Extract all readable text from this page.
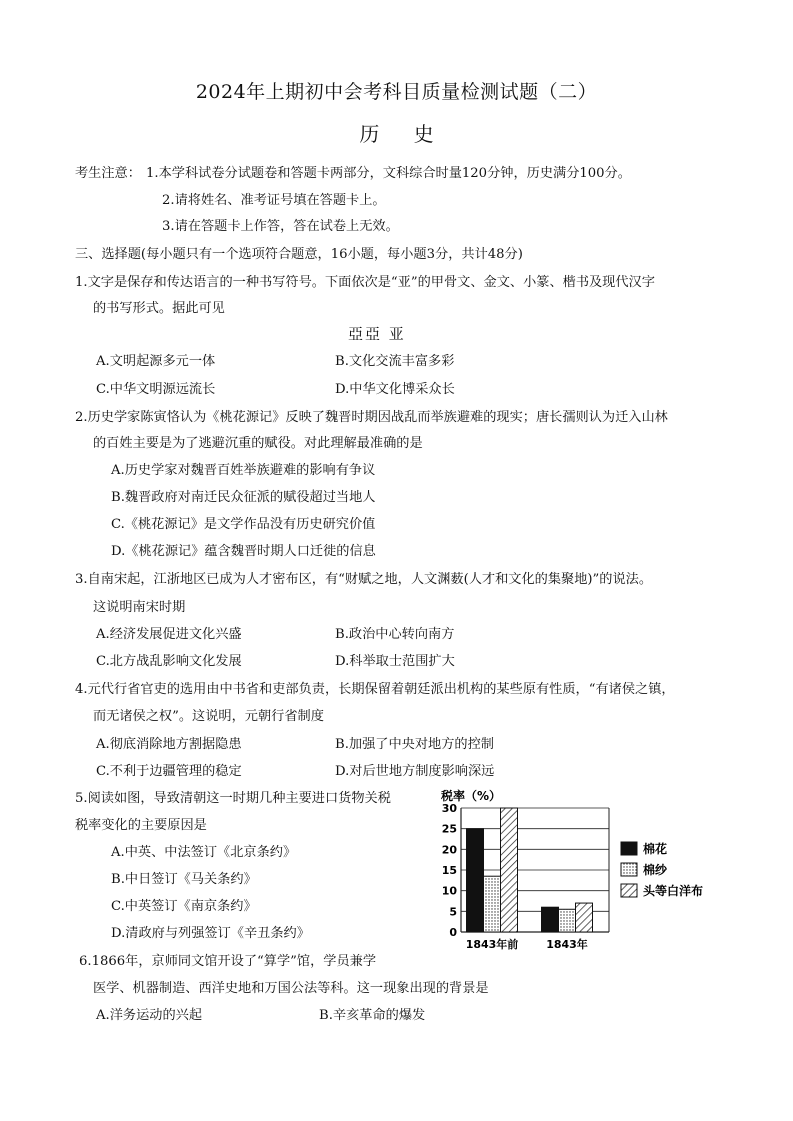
2024年上期初中会考科目质量检测试题（二）
历 史
考生注意： 1.本学科试卷分试题卷和答题卡两部分，文科综合时量120分钟，历史满分100分。
2.请将姓名、准考证号填在答题卡上。
3.请在答题卡上作答，答在试卷上无效。
三、选择题(每小题只有一个选项符合题意，16小题，每小题3分，共计48分)
1.文字是保存和传达语言的一种书写符号。下面依次是“亚”的甲骨文、金文、小篆、楷书及现代汉字
的书写形式。据此可见
亞亞 亚
A.文明起源多元一体	B.文化交流丰富多彩
C.中华文明源远流长	D.中华文化博采众长
2.历史学家陈寅恪认为《桃花源记》反映了魏晋时期因战乱而举族避难的现实；唐长孺则认为迁入山林
的百姓主要是为了逃避沉重的赋役。对此理解最准确的是
A.历史学家对魏晋百姓举族避难的影响有争议
B.魏晋政府对南迁民众征派的赋役超过当地人
C.《桃花源记》是文学作品没有历史研究价值
D.《桃花源记》蕴含魏晋时期人口迁徙的信息
3.自南宋起，江浙地区已成为人才密布区，有“财赋之地，人文渊薮(人才和文化的集聚地)”的说法。
这说明南宋时期
A.经济发展促进文化兴盛	B.政治中心转向南方
C.北方战乱影响文化发展	D.科举取士范围扩大
4.元代行省官吏的选用由中书省和吏部负责，长期保留着朝廷派出机构的某些原有性质，“有诸侯之镇，
而无诸侯之权”。这说明，元朝行省制度
A.彻底消除地方割据隐患	B.加强了中央对地方的控制
C.不利于边疆管理的稳定	D.对后世地方制度影响深远
5.阅读如图，导致清朝这一时期几种主要进口货物关税
税率变化的主要原因是
A.中英、中法签订《北京条约》
B.中日签订《马关条约》
C.中英签订《南京条约》
D.清政府与列强签订《辛丑条约》
税率（%）
0
5
10
15
20
25
30
1843年前	1843年
棉花
棉纱
头等白洋布
6.1866年，京师同文馆开设了“算学”馆，学员兼学
医学、机器制造、西洋史地和万国公法等科。这一现象出现的背景是
A.洋务运动的兴起	B.辛亥革命的爆发
